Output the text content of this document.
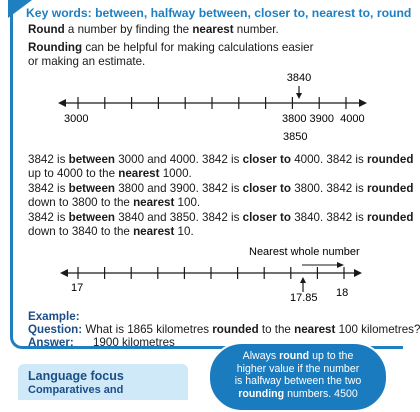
Key words: between, halfway between, closer to, nearest to, round
Round a number by finding the nearest number.
Rounding can be helpful for making calculations easier
or making an estimate.
3840
3000	3800 3900  4000
3850
3842 is between 3000 and 4000. 3842 is closer to 4000. 3842 is rounded
up to 4000 to the nearest 1000.
3842 is between 3800 and 3900. 3842 is closer to 3800. 3842 is rounded
down to 3800 to the nearest 100.
3842 is between 3840 and 3850. 3842 is closer to 3840. 3842 is rounded
down to 3840 to the nearest 10.
Nearest whole number
17
17.85 18
Example:
Question: What is 1865 kilometres rounded to the nearest 100 kilometres?
Answer: 1900 kilometres
Language focus
Comparatives and
Always round up to the
higher value if the number
is halfway between the two
rounding numbers. 4500
